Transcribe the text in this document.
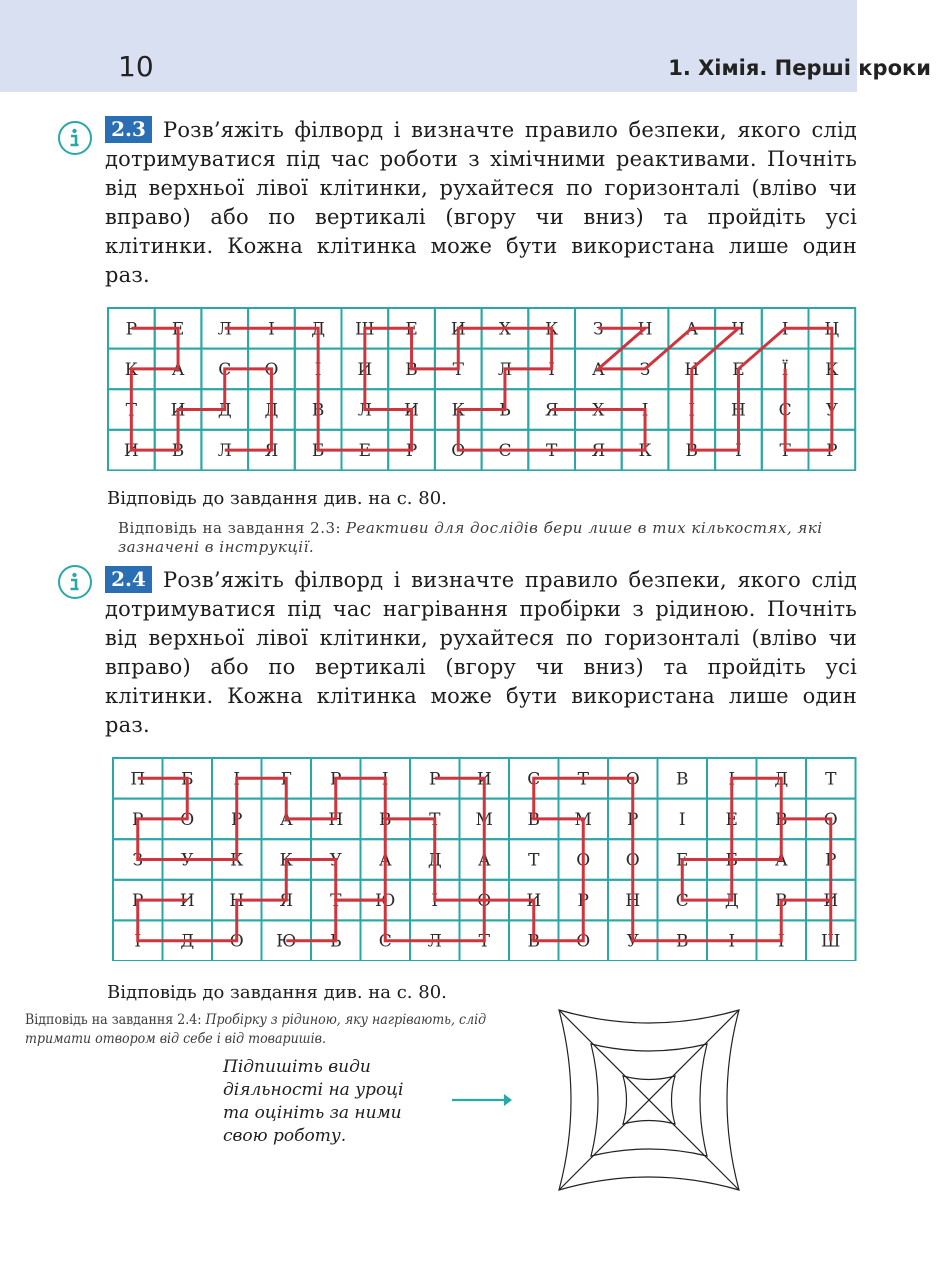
10	1. Хімія. Перші кроки
2.3 Розв’яжіть філворд і визначте правило безпеки, якого слід дотримуватися під час роботи з хімічними реактивами. Почніть від верхньої лівої клітинки, рухайтеся по горизонталі (вліво чи вправо) або по вертикалі (вгору чи вниз) та пройдіть усі клітинки. Кожна клітинка може бути використана лише один раз.
Р Е Л І Д Ш Е И Х К З Н А Ч І Ц
К А С О І И В Т Л І А З Н Е Ї К
Т И Д Д В Л И К Ь Я Х І І Н С У
И В Л Я Б Е Р О С Т Я К В І Т Р
Відповідь до завдання див. на с. 80.
Відповідь на завдання 2.3: Реактиви для дослідів бери лише в тих кількостях, які зазначені в інструкції.
2.4 Розв’яжіть філворд і визначте правило безпеки, якого слід дотримуватися під час нагрівання пробірки з рідиною. Почніть від верхньої лівої клітинки, рухайтеся по горизонталі (вліво чи вправо) або по вертикалі (вгору чи вниз) та пройдіть усі клітинки. Кожна клітинка може бути використана лише один раз.
П Б І Г Р І Р И С Т О В І Д Т
Р О Р А Н В Т М В М Р І Е В О
З У К К У А Д А Т О О Е Б А Р
Р И Н Я Т Ю І О И Р Н С Д В И
І Д О Ю Ь С Л Т В О У В І	І Ш
Відповідь до завдання див. на с. 80.
Відповідь на завдання 2.4: Пробірку з рідиною, яку нагрівають, слід тримати отвором від себе і від товаришів.
Підпишіть види діяльності на уроці та оцініть за ними свою роботу.
